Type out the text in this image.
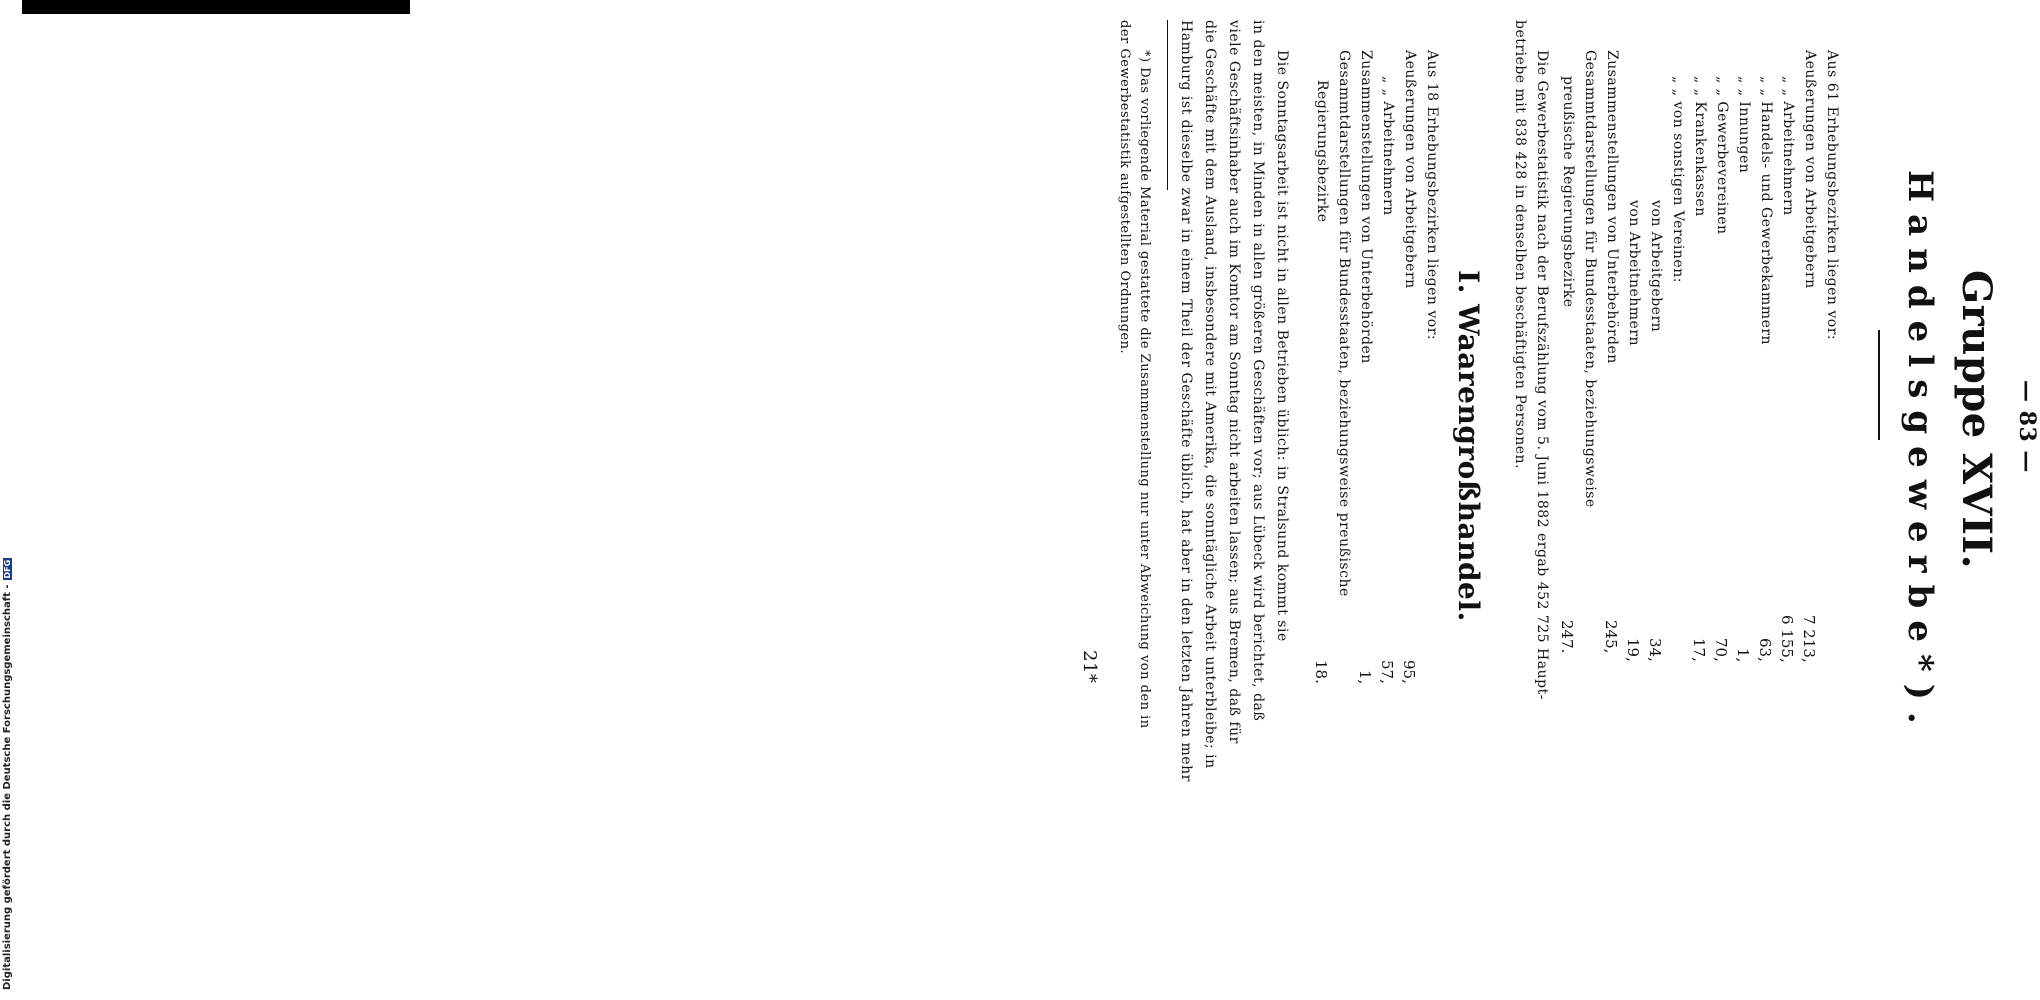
— 83 —
Gruppe XVII.
Handelsgewerbe*).
Aus 61 Erhebungsbezirken liegen vor:
Aeußerungen von Arbeitgebern
7 213,
„ „ Arbeitnehmern
6 155,
„ „ Handels- und Gewerbekammern
63,
„ „ Innungen
1,
„ „ Gewerbevereinen
70,
„ „ Krankenkassen
17,
„ „ von sonstigen Vereinen:
von Arbeitgebern
34,
von Arbeitnehmern
19,
Zusammenstellungen von Unterbehörden
245,
Gesammtdarstellungen für Bundesstaaten, beziehungsweise
preußische Regierungsbezirke
247.
Die Gewerbestatistik nach der Berufszählung vom 5. Juni 1882 ergab 452 725 Haupt-
betriebe mit 838 428 in denselben beschäftigten Personen.
I. Waarengroßhandel.
Aus 18 Erhebungsbezirken liegen vor:
Aeußerungen von Arbeitgebern
95,
„ „ Arbeitnehmern
57,
Zusammenstellungen von Unterbehörden
1,
Gesammtdarstellungen für Bundesstaaten, beziehungsweise preußische
Regierungsbezirke
18.
Die Sonntagsarbeit ist nicht in allen Betrieben üblich: in Stralsund kommt sie
in den meisten, in Minden in allen größeren Geschäften vor; aus Lübeck wird berichtet, daß
viele Geschäftsinhaber auch im Komtor am Sonntag nicht arbeiten lassen; aus Bremen, daß für
die Geschäfte mit dem Ausland, insbesondere mit Amerika, die sonntägliche Arbeit unterbleibe; in
Hamburg ist dieselbe zwar in einem Theil der Geschäfte üblich, hat aber in den letzten Jahren mehr
*) Das vorliegende Material gestattete die Zusammenstellung nur unter Abweichung von den in
der Gewerbestatistik aufgestellten Ordnungen.
21*
Digitalisierung gefördert durch die Deutsche Forschungsgemeinschaft -DFG
